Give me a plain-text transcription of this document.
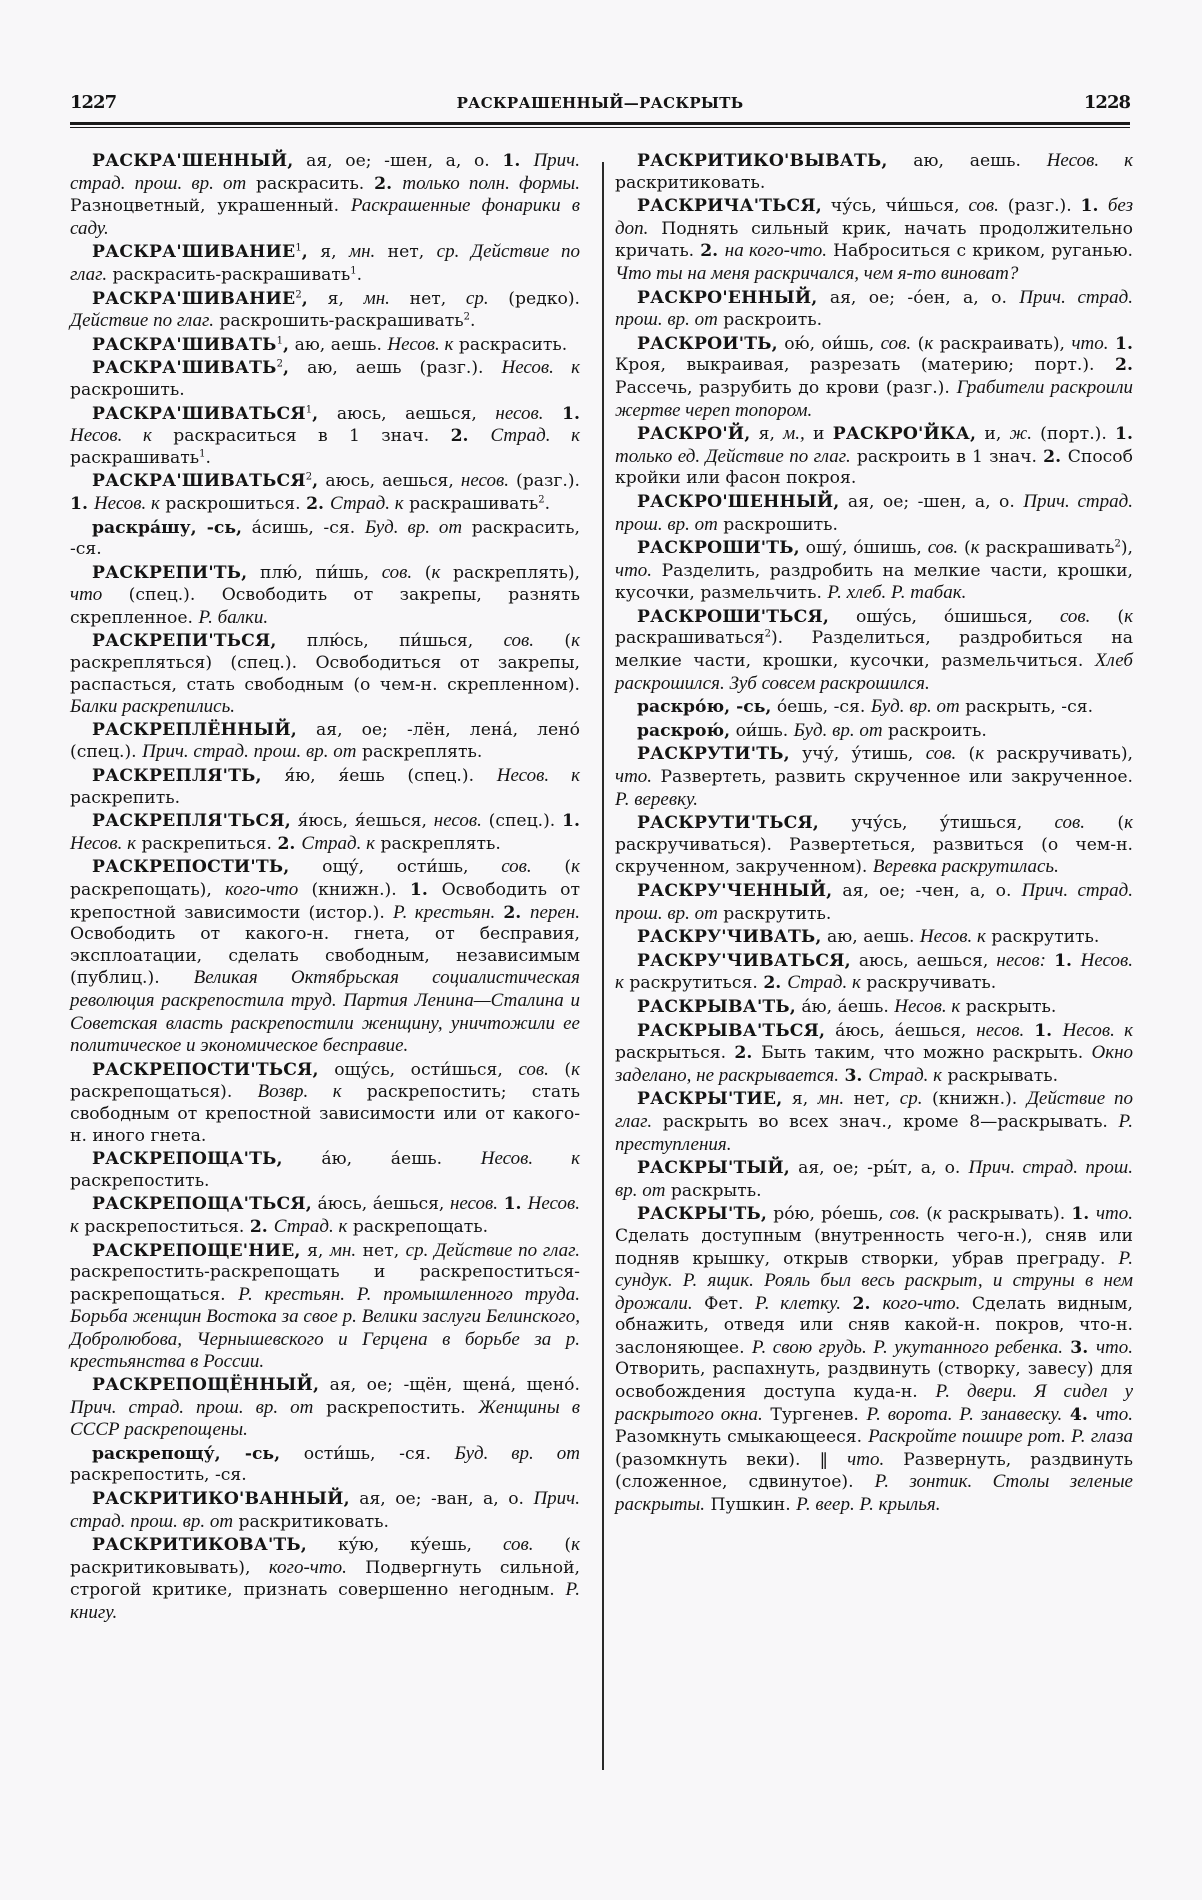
1227	РАСКРАШЕННЫЙ—РАСКРЫТЬ	1228

РАСКРА'ШЕННЫЙ, ая, ое; -шен, а, о. 1. Прич. страд. прош. вр. от раскрасить. 2. только полн. формы. Разноцветный, украшенный. Раскрашенные фонарики в саду.

РАСКРА'ШИВАНИЕ$^1$, я, мн. нет, ср. Действие по глаг. раскрасить-раскрашивать$^1$.

РАСКРА'ШИВАНИЕ$^2$, я, мн. нет, ср. (редко). Действие по глаг. раскрошить-раскрашивать$^2$.

РАСКРА'ШИВАТЬ$^1$, аю, аешь. Несов. к раскрасить.

РАСКРА'ШИВАТЬ$^2$, аю, аешь (разг.). Несов. к раскрошить.

РАСКРА'ШИВАТЬСЯ$^1$, аюсь, аешься, несов. 1. Несов. к раскраситься в 1 знач. 2. Страд. к раскрашивать$^1$.

РАСКРА'ШИВАТЬСЯ$^2$, аюсь, аешься, несов. (разг.). 1. Несов. к раскрошиться. 2. Страд. к раскрашивать$^2$.

раскра́шу, -сь, а́сишь, -ся. Буд. вр. от раскрасить, -ся.

РАСКРЕПИ'ТЬ, плю́, пи́шь, сов. (к раскреплять), что (спец.). Освободить от закрепы, разнять скрепленное. Р. балки.

РАСКРЕПИ'ТЬСЯ, плю́сь, пи́шься, сов. (к раскрепляться) (спец.). Освободиться от закрепы, распасться, стать свободным (о чем-н. скрепленном). Балки раскрепились.

РАСКРЕПЛЁННЫЙ, ая, ое; -лён, лена́, лено́ (спец.). Прич. страд. прош. вр. от раскреплять.

РАСКРЕПЛЯ'ТЬ, я́ю, я́ешь (спец.). Несов. к раскрепить.

РАСКРЕПЛЯ'ТЬСЯ, я́юсь, я́ешься, несов. (спец.). 1. Несов. к раскрепиться. 2. Страд. к раскреплять.

РАСКРЕПОСТИ'ТЬ, ощу́, ости́шь, сов. (к раскрепощать), кого-что (книжн.). 1. Освободить от крепостной зависимости (истор.). Р. крестьян. 2. перен. Освободить от какого-н. гнета, от бесправия, эксплоатации, сделать свободным, независимым (публиц.). Великая Октябрьская социалистическая революция раскрепостила труд. Партия Ленина—Сталина и Советская власть раскрепостили женщину, уничтожили ее политическое и экономическое бесправие.

РАСКРЕПОСТИ'ТЬСЯ, ощу́сь, ости́шься, сов. (к раскрепощаться). Возвр. к раскрепостить; стать свободным от крепостной зависимости или от какого-н. иного гнета.

РАСКРЕПОЩА'ТЬ, а́ю, а́ешь. Несов. к раскрепостить.

РАСКРЕПОЩА'ТЬСЯ, а́юсь, а́ешься, несов. 1. Несов. к раскрепоститься. 2. Страд. к раскрепощать.

РАСКРЕПОЩЕ'НИЕ, я, мн. нет, ср. Действие по глаг. раскрепостить-раскрепощать и раскрепоститься-раскрепощаться. Р. крестьян. Р. промышленного труда. Борьба женщин Востока за свое р. Велики заслуги Белинского, Добролюбова, Чернышевского и Герцена в борьбе за р. крестьянства в России.

РАСКРЕПОЩЁННЫЙ, ая, ое; -щён, щена́, щено́. Прич. страд. прош. вр. от раскрепостить. Женщины в СССР раскрепощены.

раскрепощу́, -сь, ости́шь, -ся. Буд. вр. от раскрепостить, -ся.

РАСКРИТИКО'ВАННЫЙ, ая, ое; -ван, а, о. Прич. страд. прош. вр. от раскритиковать.

РАСКРИТИКОВА'ТЬ, ку́ю, ку́ешь, сов. (к раскритиковывать), кого-что. Подвергнуть сильной, строгой критике, признать совершенно негодным. Р. книгу.

РАСКРИТИКО'ВЫВАТЬ, аю, аешь. Несов. к раскритиковать.

РАСКРИЧА'ТЬСЯ, чу́сь, чи́шься, сов. (разг.). 1. без доп. Поднять сильный крик, начать продолжительно кричать. 2. на кого-что. Наброситься с криком, руганью. Что ты на меня раскричался, чем я-то виноват?

РАСКРО'ЕННЫЙ, ая, ое; -о́ен, а, о. Прич. страд. прош. вр. от раскроить.

РАСКРОИ'ТЬ, ою́, ои́шь, сов. (к раскраивать), что. 1. Кроя, выкраивая, разрезать (материю; порт.). 2. Рассечь, разрубить до крови (разг.). Грабители раскроили жертве череп топором.

РАСКРО'Й, я, м., и РАСКРО'ЙКА, и, ж. (порт.). 1. только ед. Действие по глаг. раскроить в 1 знач. 2. Способ кройки или фасон покроя.

РАСКРО'ШЕННЫЙ, ая, ое; -шен, а, о. Прич. страд. прош. вр. от раскрошить.

РАСКРОШИ'ТЬ, ошу́, о́шишь, сов. (к раскрашивать$^2$), что. Разделить, раздробить на мелкие части, крошки, кусочки, размельчить. Р. хлеб. Р. табак.

РАСКРОШИ'ТЬСЯ, ошу́сь, о́шишься, сов. (к раскрашиваться$^2$). Разделиться, раздробиться на мелкие части, крошки, кусочки, размельчиться. Хлеб раскрошился. Зуб совсем раскрошился.

раскро́ю, -сь, о́ешь, -ся. Буд. вр. от раскрыть, -ся.

раскрою́, ои́шь. Буд. вр. от раскроить.

РАСКРУТИ'ТЬ, учу́, у́тишь, сов. (к раскручивать), что. Развертеть, развить скрученное или закрученное. Р. веревку.

РАСКРУТИ'ТЬСЯ, учу́сь, у́тишься, сов. (к раскручиваться). Развертеться, развиться (о чем-н. скрученном, закрученном). Веревка раскрутилась.

РАСКРУ'ЧЕННЫЙ, ая, ое; -чен, а, о. Прич. страд. прош. вр. от раскрутить.

РАСКРУ'ЧИВАТЬ, аю, аешь. Несов. к раскрутить.

РАСКРУ'ЧИВАТЬСЯ, аюсь, аешься, несов: 1. Несов. к раскрутиться. 2. Страд. к раскручивать.

РАСКРЫВА'ТЬ, а́ю, а́ешь. Несов. к раскрыть.

РАСКРЫВА'ТЬСЯ, а́юсь, а́ешься, несов. 1. Несов. к раскрыться. 2. Быть таким, что можно раскрыть. Окно заделано, не раскрывается. 3. Страд. к раскрывать.

РАСКРЫ'ТИЕ, я, мн. нет, ср. (книжн.). Действие по глаг. раскрыть во всех знач., кроме 8—раскрывать. Р. преступления.

РАСКРЫ'ТЫЙ, ая, ое; -ры́т, а, о. Прич. страд. прош. вр. от раскрыть.

РАСКРЫ'ТЬ, ро́ю, ро́ешь, сов. (к раскрывать). 1. что. Сделать доступным (внутренность чего-н.), сняв или подняв крышку, открыв створки, убрав преграду. Р. сундук. Р. ящик. Рояль был весь раскрыт, и струны в нем дрожали. Фет. Р. клетку. 2. кого-что. Сделать видным, обнажить, отведя или сняв какой-н. покров, что-н. заслоняющее. Р. свою грудь. Р. укутанного ребенка. 3. что. Отворить, распахнуть, раздвинуть (створку, завесу) для освобождения доступа куда-н. Р. двери. Я сидел у раскрытого окна. Тургенев. Р. ворота. Р. занавеску. 4. что. Разомкнуть смыкающееся. Раскройте пошире рот. Р. глаза (разомкнуть веки). ‖ что. Развернуть, раздвинуть (сложенное, сдвинутое). Р. зонтик. Столы зеленые раскрыты. Пушкин. Р. веер. Р. крылья.
